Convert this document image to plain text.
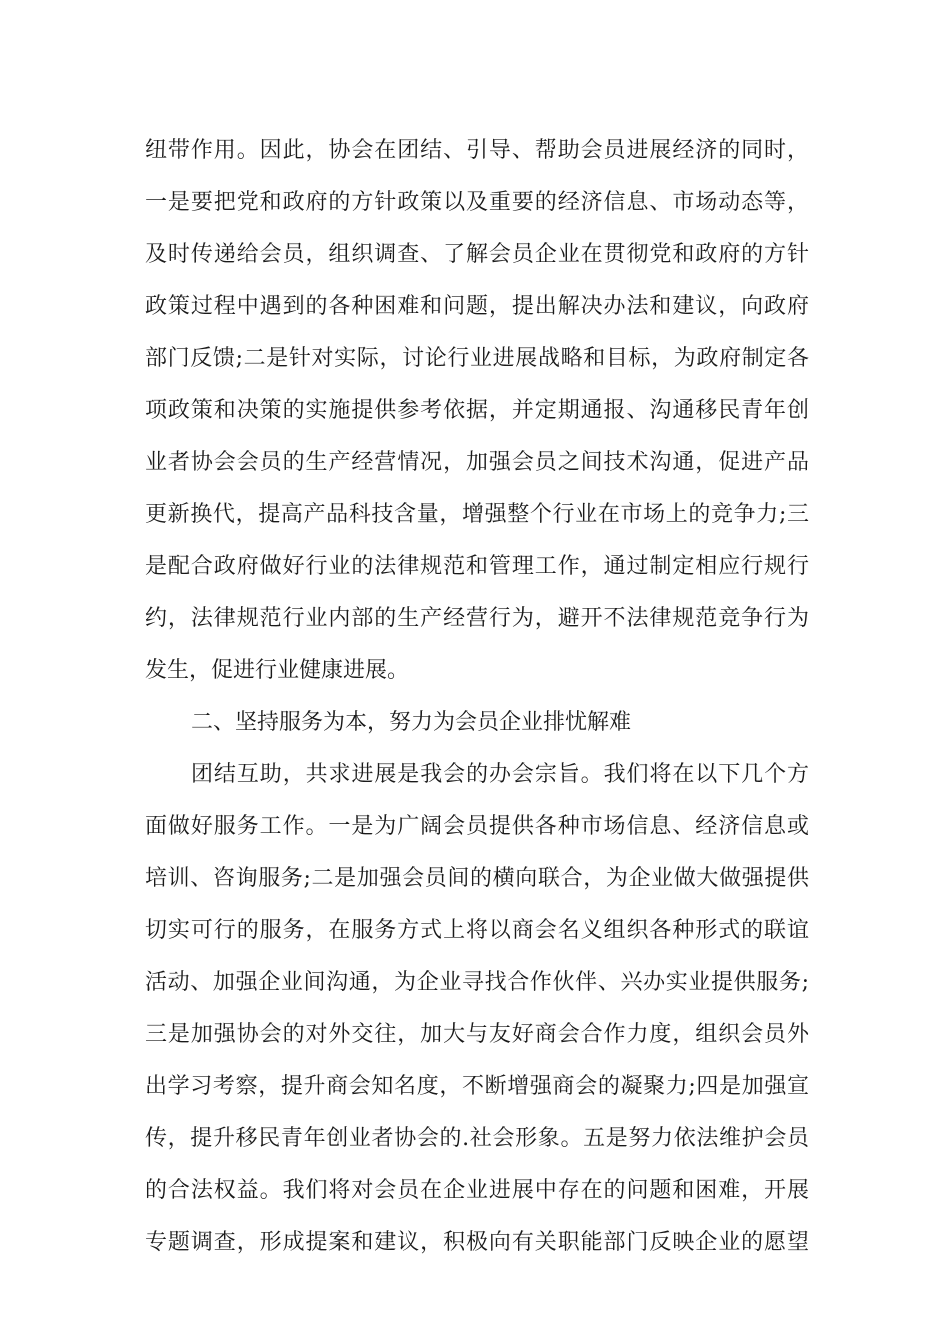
纽带作用。因此，协会在团结、引导、帮助会员进展经济的同时，
一是要把党和政府的方针政策以及重要的经济信息、市场动态等，
及时传递给会员，组织调查、了解会员企业在贯彻党和政府的方针
政策过程中遇到的各种困难和问题，提出解决办法和建议，向政府
部门反馈;二是针对实际，讨论行业进展战略和目标，为政府制定各
项政策和决策的实施提供参考依据，并定期通报、沟通移民青年创
业者协会会员的生产经营情况，加强会员之间技术沟通，促进产品
更新换代，提高产品科技含量，增强整个行业在市场上的竞争力;三
是配合政府做好行业的法律规范和管理工作，通过制定相应行规行
约，法律规范行业内部的生产经营行为，避开不法律规范竞争行为
发生，促进行业健康进展。
二、坚持服务为本，努力为会员企业排忧解难
团结互助，共求进展是我会的办会宗旨。我们将在以下几个方
面做好服务工作。一是为广阔会员提供各种市场信息、经济信息或
培训、咨询服务;二是加强会员间的横向联合，为企业做大做强提供
切实可行的服务，在服务方式上将以商会名义组织各种形式的联谊
活动、加强企业间沟通，为企业寻找合作伙伴、兴办实业提供服务;
三是加强协会的对外交往，加大与友好商会合作力度，组织会员外
出学习考察，提升商会知名度，不断增强商会的凝聚力;四是加强宣
传，提升移民青年创业者协会的.社会形象。五是努力依法维护会员
的合法权益。我们将对会员在企业进展中存在的问题和困难，开展
专题调查，形成提案和建议，积极向有关职能部门反映企业的愿望
